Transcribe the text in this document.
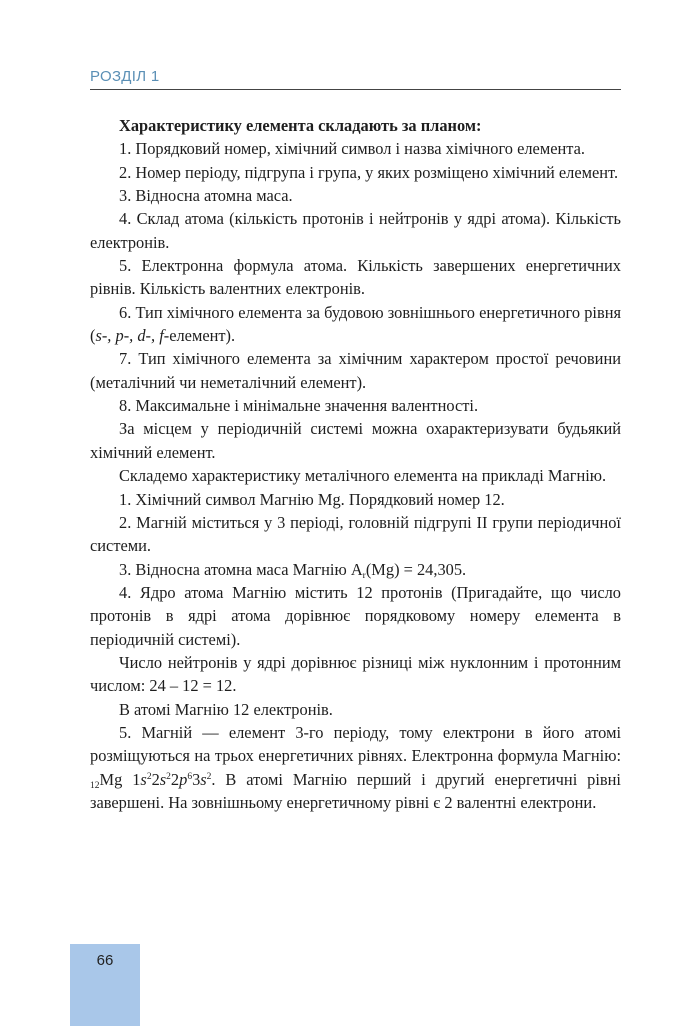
РОЗДІЛ 1

Характеристику елемента складають за планом:

1. Порядковий номер, хімічний символ і назва хімічного елемента.

2. Номер періоду, підгрупа і група, у яких розміщено хімічний елемент.

3. Відносна атомна маса.

4. Склад атома (кількість протонів і нейтронів у ядрі атома). Кількість електронів.

5. Електронна формула атома. Кількість завершених енергетичних рівнів. Кількість валентних електронів.

6. Тип хімічного елемента за будовою зовнішнього енергетичного рівня (s-, p-, d-, f-елемент).

7. Тип хімічного елемента за хімічним характером простої речовини (металічний чи неметалічний елемент).

8. Максимальне і мінімальне значення валентності.

За місцем у періодичній системі можна охарактеризувати будьякий хімічний елемент.

Складемо характеристику металічного елемента на прикладі Магнію.

1. Хімічний символ Магнію Mg. Порядковий номер 12.

2. Магній міститься у 3 періоді, головній підгрупі II групи періодичної системи.

3. Відносна атомна маса Магнію $A_r(Mg) = 24,305$.

4. Ядро атома Магнію містить 12 протонів (Пригадайте, що число протонів в ядрі атома дорівнює порядковому номеру елемента в періодичній системі).

Число нейтронів у ядрі дорівнює різниці між нуклонним і протонним числом: 24 – 12 = 12.

В атомі Магнію 12 електронів.

5. Магній — елемент 3-го періоду, тому електрони в його атомі розміщуються на трьох енергетичних рівнях. Електронна формула Магнію: $_{12}$Mg $1s^22s^22p^63s^2$. В атомі Магнію перший і другий енергетичні рівні завершені. На зовнішньому енергетичному рівні є 2 валентні електрони.

66
